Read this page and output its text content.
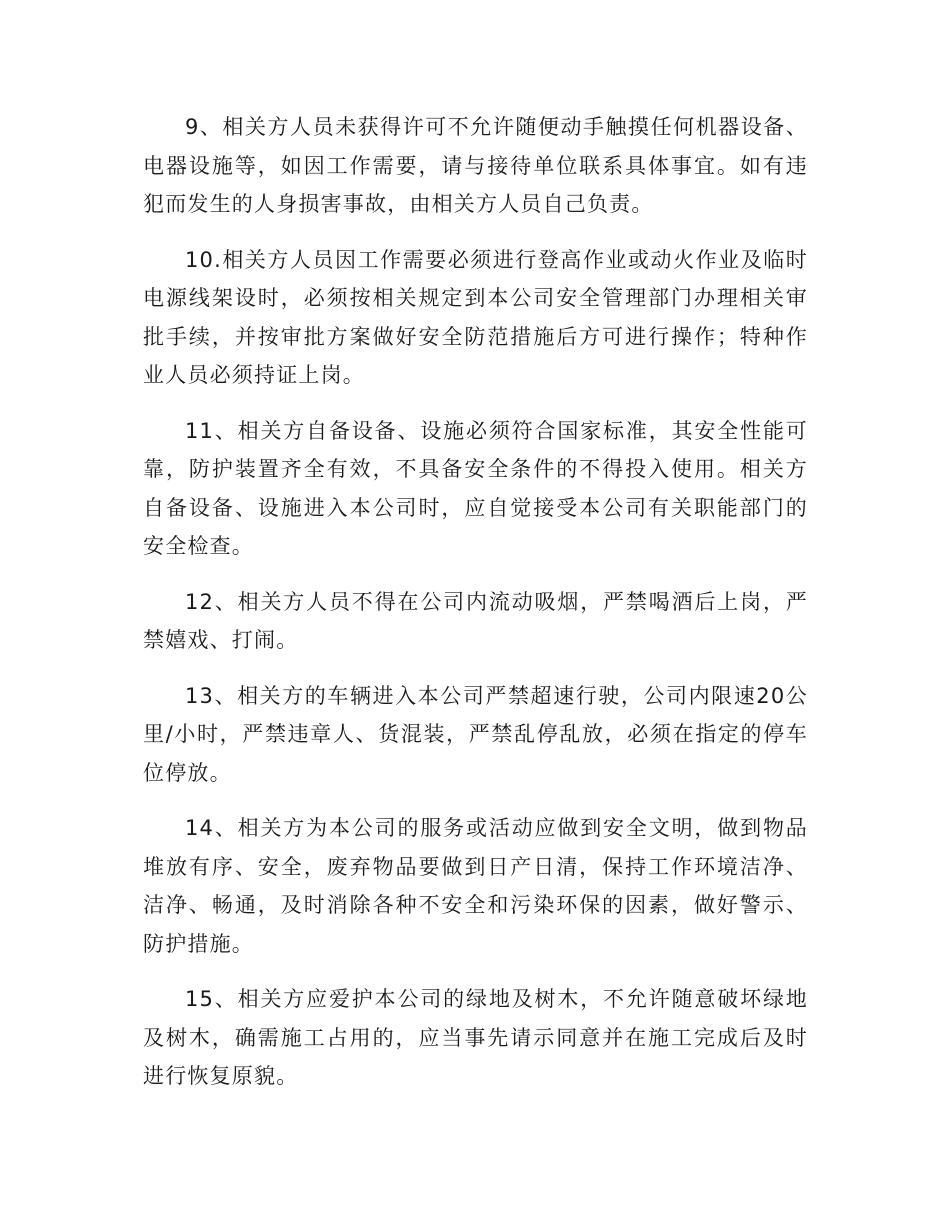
9、相关方人员未获得许可不允许随便动手触摸任何机器设备、电器设施等，如因工作需要，请与接待单位联系具体事宜。如有违犯而发生的人身损害事故，由相关方人员自己负责。

10.相关方人员因工作需要必须进行登高作业或动火作业及临时电源线架设时，必须按相关规定到本公司安全管理部门办理相关审批手续，并按审批方案做好安全防范措施后方可进行操作；特种作业人员必须持证上岗。

11、相关方自备设备、设施必须符合国家标准，其安全性能可靠，防护装置齐全有效，不具备安全条件的不得投入使用。相关方自备设备、设施进入本公司时，应自觉接受本公司有关职能部门的安全检查。

12、相关方人员不得在公司内流动吸烟，严禁喝酒后上岗，严禁嬉戏、打闹。

13、相关方的车辆进入本公司严禁超速行驶，公司内限速20公里/小时，严禁违章人、货混装，严禁乱停乱放，必须在指定的停车位停放。

14、相关方为本公司的服务或活动应做到安全文明，做到物品堆放有序、安全，废弃物品要做到日产日清，保持工作环境洁净、洁净、畅通，及时消除各种不安全和污染环保的因素，做好警示、防护措施。

15、相关方应爱护本公司的绿地及树木，不允许随意破坏绿地及树木，确需施工占用的，应当事先请示同意并在施工完成后及时进行恢复原貌。
